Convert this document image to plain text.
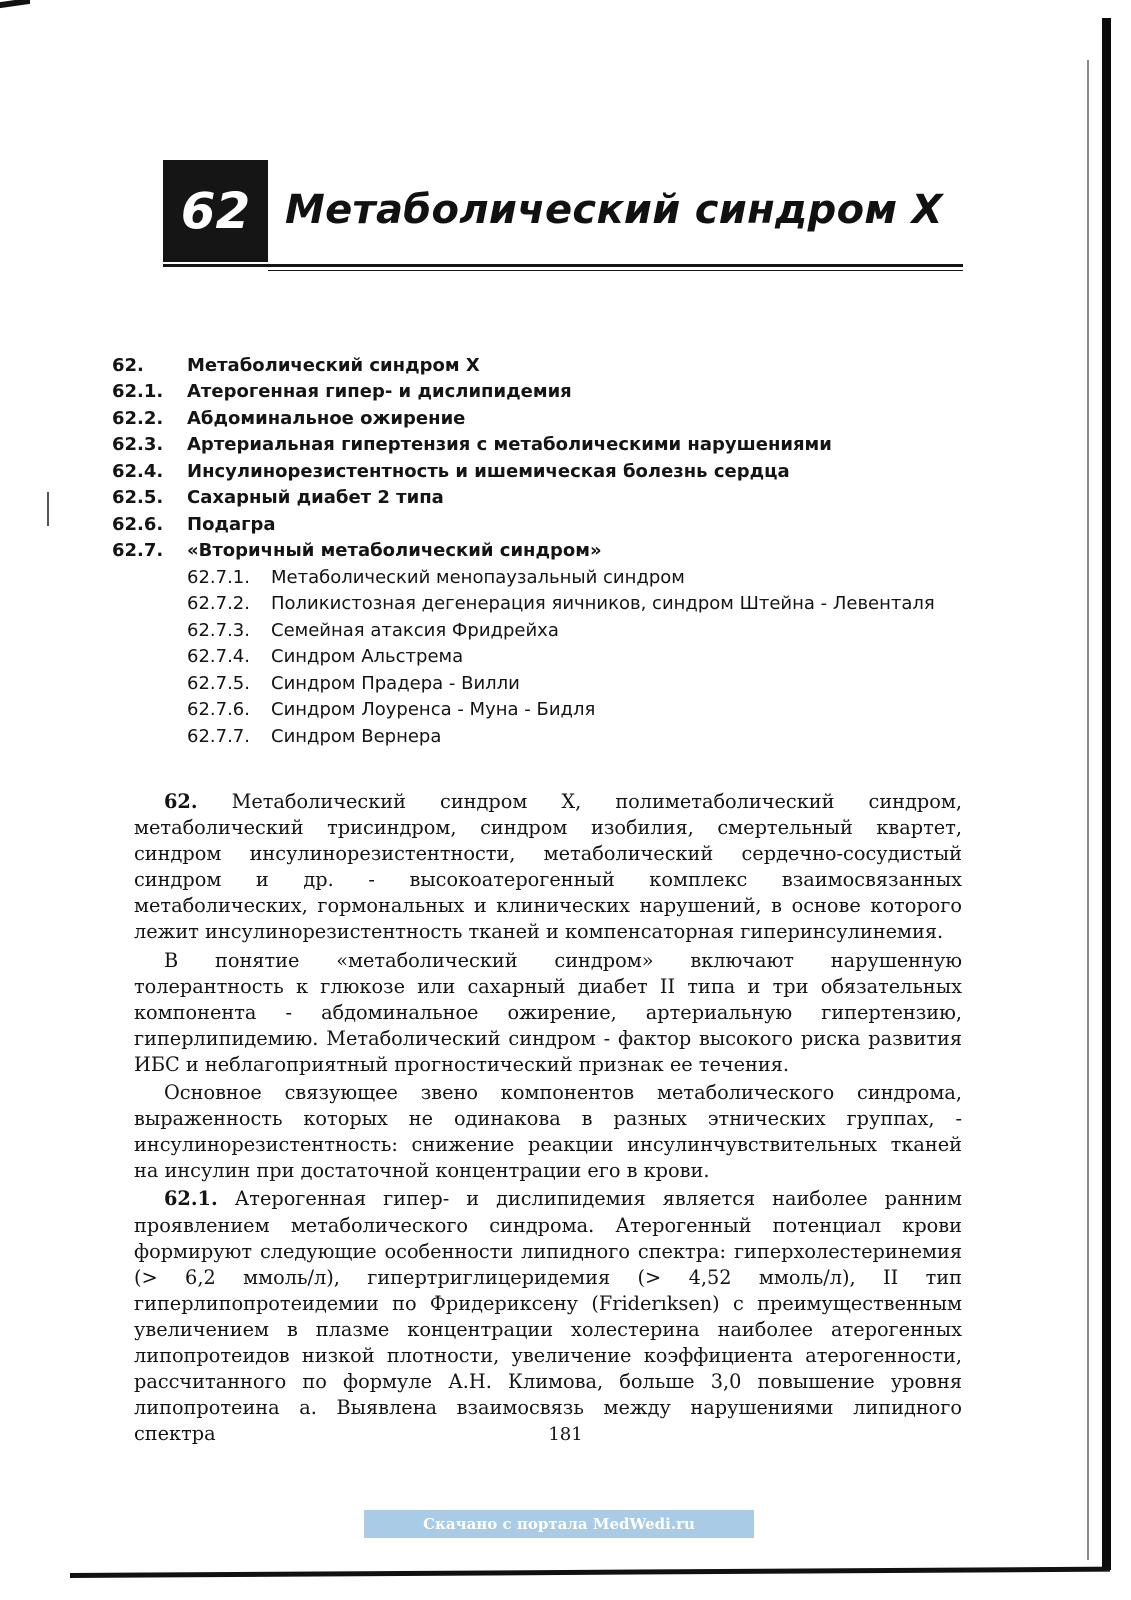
62 Метаболический синдром X
62.	Метаболический синдром X
62.1.	Атерогенная гипер- и дислипидемия
62.2.	Абдоминальное ожирение
62.3.	Артериальная гипертензия с метаболическими нарушениями
62.4.	Инсулинорезистентность и ишемическая болезнь сердца
62.5.	Сахарный диабет 2 типа
62.6.	Подагра
62.7.	«Вторичный метаболический синдром»
62.7.1.	Метаболический менопаузальный синдром
62.7.2.	Поликистозная дегенерация яичников, синдром Штейна - Левенталя
62.7.3.	Семейная атаксия Фридрейха
62.7.4.	Синдром Альстрема
62.7.5.	Синдром Прадера - Вилли
62.7.6.	Синдром Лоуренса - Муна - Бидля
62.7.7.	Синдром Вернера

62. Метаболический синдром X, полиметаболический синдром, метаболический трисиндром, синдром изобилия, смертельный квартет, синдром инсулинорезистентности, метаболический сердечно-сосудистый синдром и др. - высокоатерогенный комплекс взаимосвязанных метаболических, гормональных и клинических нарушений, в основе которого лежит инсулинорезистентность тканей и компенсаторная гиперинсулинемия.

В понятие «метаболический синдром» включают нарушенную толерантность к глюкозе или сахарный диабет II типа и три обязательных компонента - абдоминальное ожирение, артериальную гипертензию, гиперлипидемию. Метаболический синдром - фактор высокого риска развития ИБС и неблагоприятный прогностический признак ее течения.

Основное связующее звено компонентов метаболического синдрома, выраженность которых не одинакова в разных этнических группах, - инсулинорезистентность: снижение реакции инсулинчувствительных тканей на инсулин при достаточной концентрации его в крови.

62.1. Атерогенная гипер- и дислипидемия является наиболее ранним проявлением метаболического синдрома. Атерогенный потенциал крови формируют следующие особенности липидного спектра: гиперхолестеринемия (> 6,2 ммоль/л), гипертриглицеридемия (> 4,52 ммоль/л), II тип гиперлипопротеидемии по Фридериксену (Friderıksen) с преимущественным увеличением в плазме концентрации холестерина наиболее атерогенных липопротеидов низкой плотности, увеличение коэффициента атерогенности, рассчитанного по формуле А.Н. Климова, больше 3,0 повышение уровня липопротеина а. Выявлена взаимосвязь между нарушениями липидного спектра	181
Скачано с портала MedWedi.ru
